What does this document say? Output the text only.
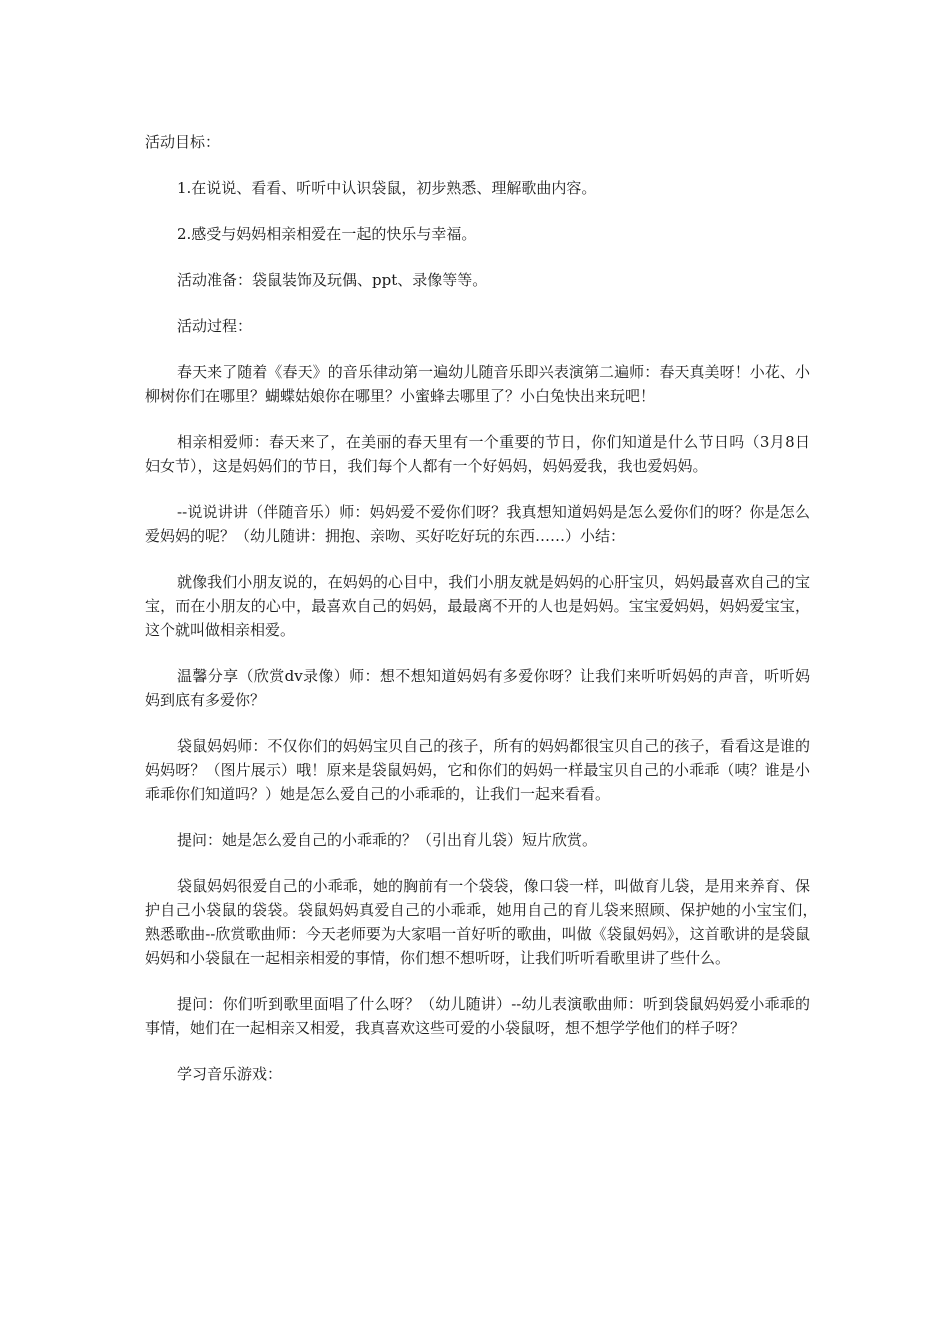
活动目标：

1.在说说、看看、听听中认识袋鼠，初步熟悉、理解歌曲内容。

2.感受与妈妈相亲相爱在一起的快乐与幸福。

活动准备：袋鼠装饰及玩偶、ppt、录像等等。

活动过程：

春天来了随着《春天》的音乐律动第一遍幼儿随音乐即兴表演第二遍师：春天真美呀！小花、小柳树你们在哪里？蝴蝶姑娘你在哪里？小蜜蜂去哪里了？小白兔快出来玩吧！

相亲相爱师：春天来了，在美丽的春天里有一个重要的节日，你们知道是什么节日吗（3月8日妇女节），这是妈妈们的节日，我们每个人都有一个好妈妈，妈妈爱我，我也爱妈妈。

--说说讲讲（伴随音乐）师：妈妈爱不爱你们呀？我真想知道妈妈是怎么爱你们的呀？你是怎么爱妈妈的呢？（幼儿随讲：拥抱、亲吻、买好吃好玩的东西……）小结：

就像我们小朋友说的，在妈妈的心目中，我们小朋友就是妈妈的心肝宝贝，妈妈最喜欢自己的宝宝，而在小朋友的心中，最喜欢自己的妈妈，最最离不开的人也是妈妈。宝宝爱妈妈，妈妈爱宝宝，这个就叫做相亲相爱。

温馨分享（欣赏dv录像）师：想不想知道妈妈有多爱你呀？让我们来听听妈妈的声音，听听妈妈到底有多爱你？

袋鼠妈妈师：不仅你们的妈妈宝贝自己的孩子，所有的妈妈都很宝贝自己的孩子，看看这是谁的妈妈呀？（图片展示）哦！原来是袋鼠妈妈，它和你们的妈妈一样最宝贝自己的小乖乖（咦？谁是小乖乖你们知道吗？）她是怎么爱自己的小乖乖的，让我们一起来看看。

提问：她是怎么爱自己的小乖乖的？（引出育儿袋）短片欣赏。

袋鼠妈妈很爱自己的小乖乖，她的胸前有一个袋袋，像口袋一样，叫做育儿袋，是用来养育、保护自己小袋鼠的袋袋。袋鼠妈妈真爱自己的小乖乖，她用自己的育儿袋来照顾、保护她的小宝宝们，　　熟悉歌曲--欣赏歌曲师：今天老师要为大家唱一首好听的歌曲，叫做《袋鼠妈妈》，这首歌讲的是袋鼠妈妈和小袋鼠在一起相亲相爱的事情，你们想不想听呀，让我们听听看歌里讲了些什么。

提问：你们听到歌里面唱了什么呀？（幼儿随讲）--幼儿表演歌曲师：听到袋鼠妈妈爱小乖乖的事情，她们在一起相亲又相爱，我真喜欢这些可爱的小袋鼠呀，想不想学学他们的样子呀？

学习音乐游戏：
